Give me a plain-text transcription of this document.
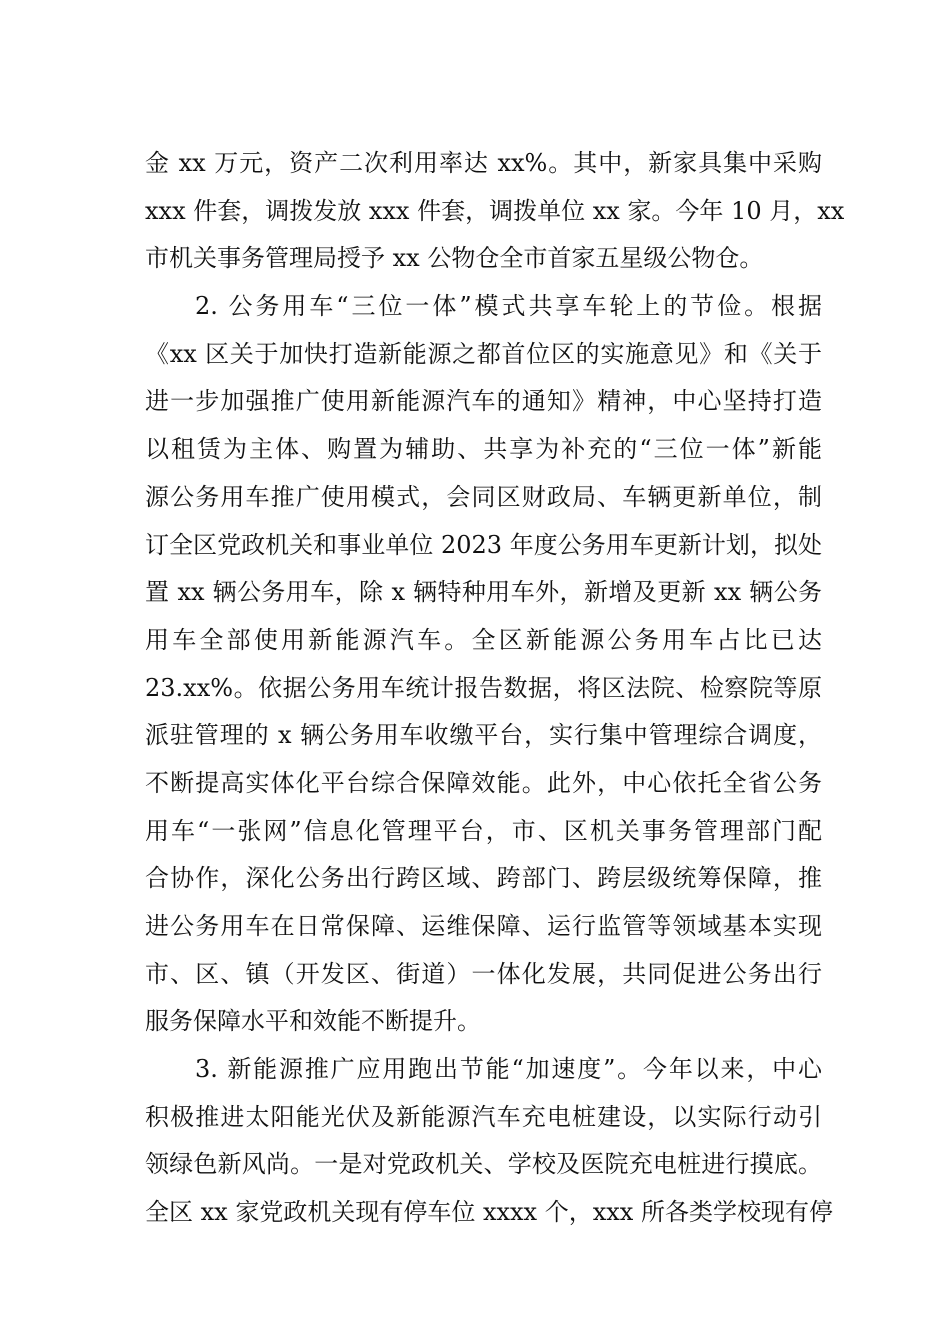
金 xx 万元，资产二次利用率达 xx%。其中，新家具集中采购
xxx 件套，调拨发放 xxx 件套，调拨单位 xx 家。今年 10 月，xx
市机关事务管理局授予 xx 公物仓全市首家五星级公物仓。
2. 公务用车“三位一体”模式共享车轮上的节俭。根据
《xx 区关于加快打造新能源之都首位区的实施意见》和《关于
进一步加强推广使用新能源汽车的通知》精神，中心坚持打造
以租赁为主体、购置为辅助、共享为补充的“三位一体”新能
源公务用车推广使用模式，会同区财政局、车辆更新单位，制
订全区党政机关和事业单位 2023 年度公务用车更新计划，拟处
置 xx 辆公务用车，除 x 辆特种用车外，新增及更新 xx 辆公务
用车全部使用新能源汽车。全区新能源公务用车占比已达
23.xx%。依据公务用车统计报告数据，将区法院、检察院等原
派驻管理的 x 辆公务用车收缴平台，实行集中管理综合调度，
不断提高实体化平台综合保障效能。此外，中心依托全省公务
用车“一张网”信息化管理平台，市、区机关事务管理部门配
合协作，深化公务出行跨区域、跨部门、跨层级统筹保障，推
进公务用车在日常保障、运维保障、运行监管等领域基本实现
市、区、镇（开发区、街道）一体化发展，共同促进公务出行
服务保障水平和效能不断提升。
3. 新能源推广应用跑出节能“加速度”。今年以来，中心
积极推进太阳能光伏及新能源汽车充电桩建设，以实际行动引
领绿色新风尚。一是对党政机关、学校及医院充电桩进行摸底。
全区 xx 家党政机关现有停车位 xxxx 个，xxx 所各类学校现有停
